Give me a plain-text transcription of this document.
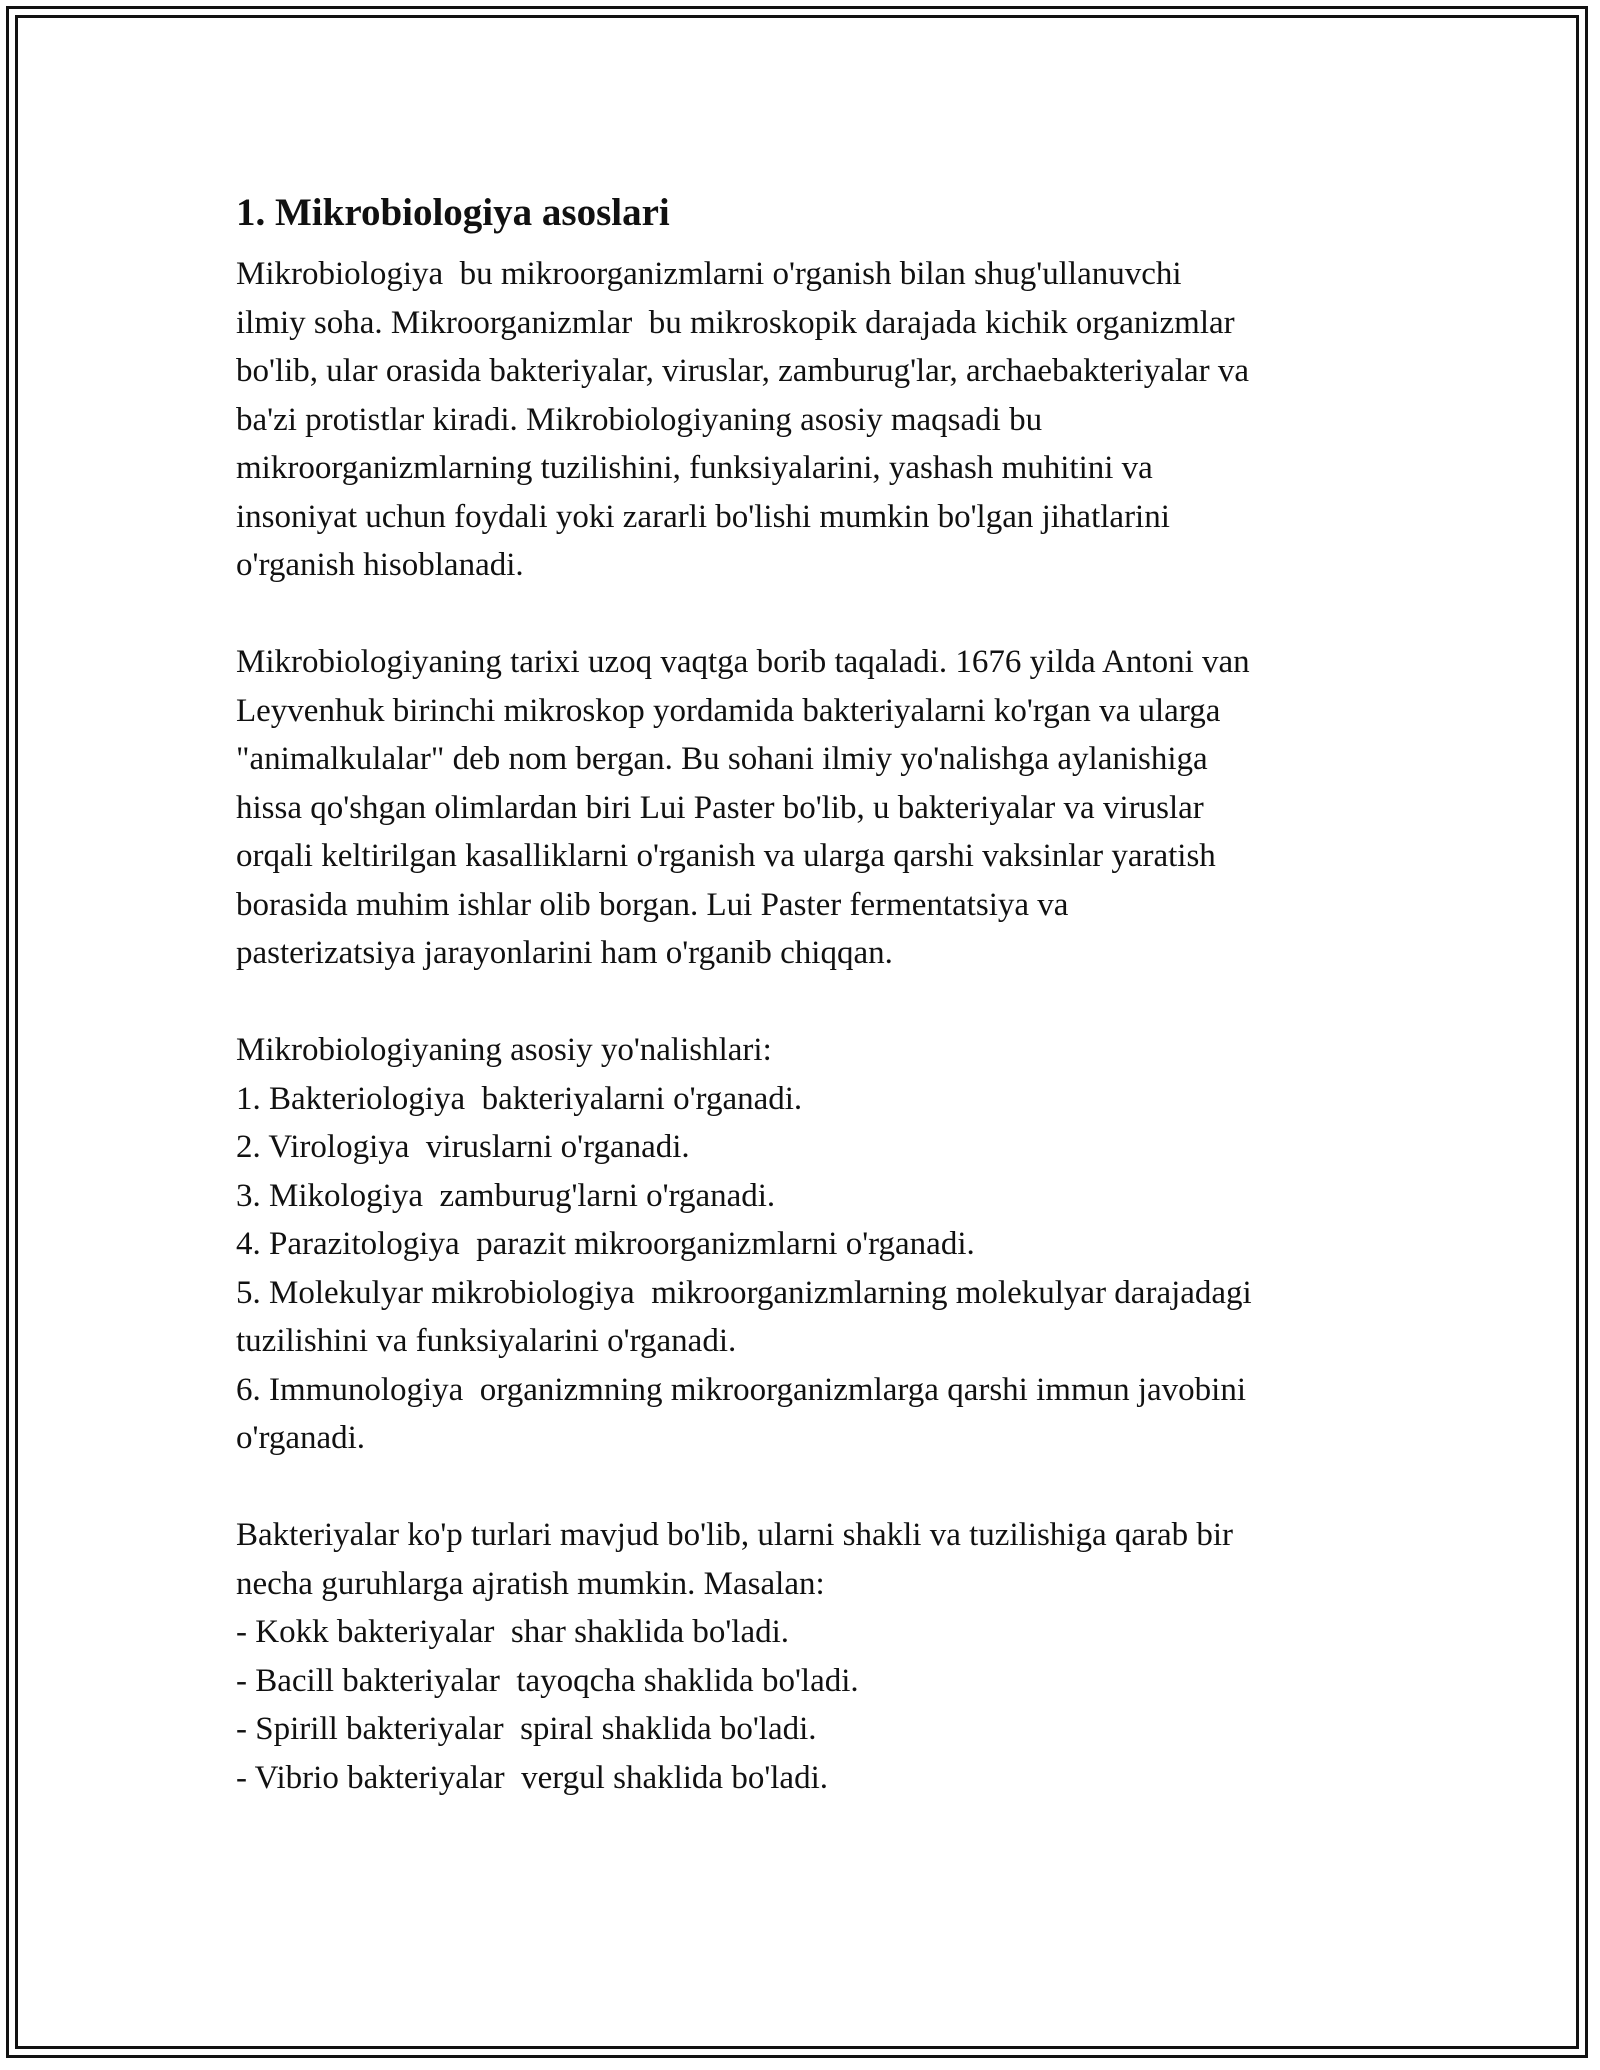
1. Mikrobiologiya asoslari

Mikrobiologiya  bu mikroorganizmlarni o'rganish bilan shug'ullanuvchi

ilmiy soha. Mikroorganizmlar  bu mikroskopik darajada kichik organizmlar

bo'lib, ular orasida bakteriyalar, viruslar, zamburug'lar, archaebakteriyalar va

ba'zi protistlar kiradi. Mikrobiologiyaning asosiy maqsadi bu

mikroorganizmlarning tuzilishini, funksiyalarini, yashash muhitini va

insoniyat uchun foydali yoki zararli bo'lishi mumkin bo'lgan jihatlarini

o'rganish hisoblanadi.

Mikrobiologiyaning tarixi uzoq vaqtga borib taqaladi. 1676 yilda Antoni van

Leyvenhuk birinchi mikroskop yordamida bakteriyalarni ko'rgan va ularga

"animalkulalar" deb nom bergan. Bu sohani ilmiy yo'nalishga aylanishiga

hissa qo'shgan olimlardan biri Lui Paster bo'lib, u bakteriyalar va viruslar

orqali keltirilgan kasalliklarni o'rganish va ularga qarshi vaksinlar yaratish

borasida muhim ishlar olib borgan. Lui Paster fermentatsiya va

pasterizatsiya jarayonlarini ham o'rganib chiqqan.

Mikrobiologiyaning asosiy yo'nalishlari:

1. Bakteriologiya  bakteriyalarni o'rganadi.

2. Virologiya  viruslarni o'rganadi.

3. Mikologiya  zamburug'larni o'rganadi.

4. Parazitologiya  parazit mikroorganizmlarni o'rganadi.

5. Molekulyar mikrobiologiya  mikroorganizmlarning molekulyar darajadagi

tuzilishini va funksiyalarini o'rganadi.

6. Immunologiya  organizmning mikroorganizmlarga qarshi immun javobini

o'rganadi.

Bakteriyalar ko'p turlari mavjud bo'lib, ularni shakli va tuzilishiga qarab bir

necha guruhlarga ajratish mumkin. Masalan:

- Kokk bakteriyalar  shar shaklida bo'ladi.

- Bacill bakteriyalar  tayoqcha shaklida bo'ladi.

- Spirill bakteriyalar  spiral shaklida bo'ladi.

- Vibrio bakteriyalar  vergul shaklida bo'ladi.
